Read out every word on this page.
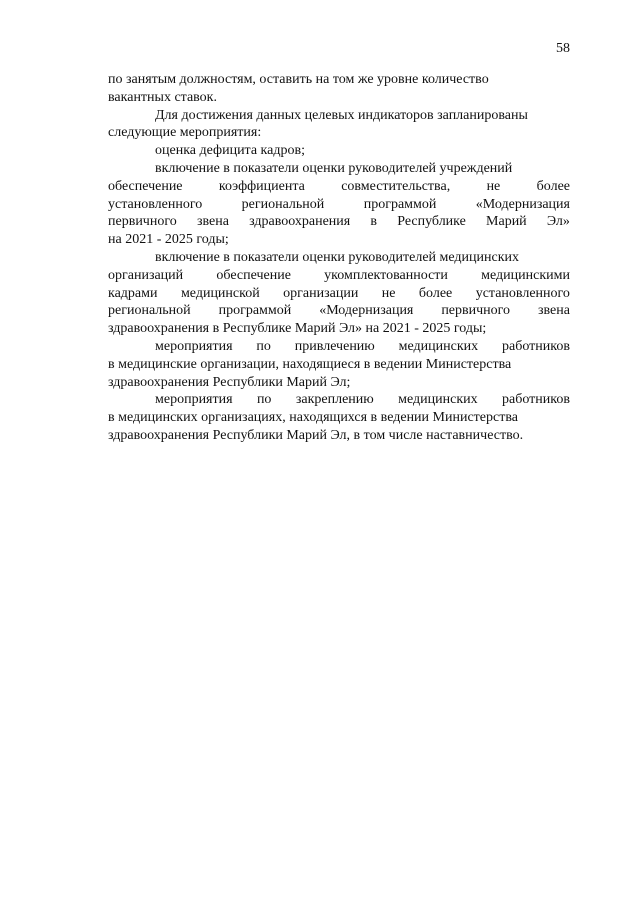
58
по занятым должностям, оставить на том же уровне количество
вакантных ставок.
Для достижения данных целевых индикаторов запланированы
следующие мероприятия:
оценка дефицита кадров;
включение в показатели оценки руководителей учреждений
обеспечение	коэффициента	совместительства,	не	более
установленного	региональной	программой	«Модернизация
первичного звена здравоохранения в Республике Марий Эл»
на 2021 - 2025 годы;
включение в показатели оценки руководителей медицинских
организаций обеспечение укомплектованности медицинскими
кадрами медицинской организации не более установленного
региональной программой «Модернизация первичного звена
здравоохранения в Республике Марий Эл» на 2021 - 2025 годы;
мероприятия по привлечению медицинских работников
в медицинские организации, находящиеся в ведении Министерства
здравоохранения Республики Марий Эл;
мероприятия по закреплению медицинских работников
в медицинских организациях, находящихся в ведении Министерства
здравоохранения Республики Марий Эл, в том числе наставничество.
